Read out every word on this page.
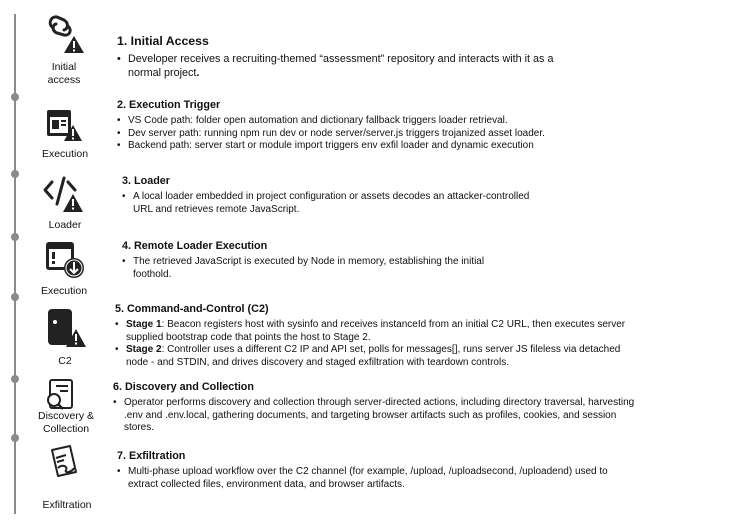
Initial
access
1. Initial Access
• Developer receives a recruiting-themed “assessment” repository and interacts with it as a
normal project.
Execution
2. Execution Trigger
• VS Code path: folder open automation and dictionary fallback triggers loader retrieval.
• Dev server path: running npm run dev or node server/server.js triggers trojanized asset loader.
• Backend path: server start or module import triggers env exfil loader and dynamic execution
Loader
3. Loader
• A local loader embedded in project configuration or assets decodes an attacker-controlled
URL and retrieves remote JavaScript.
Execution
4. Remote Loader Execution
• The retrieved JavaScript is executed by Node in memory, establishing the initial
foothold.
C2
5. Command-and-Control (C2)
• Stage 1: Beacon registers host with sysinfo and receives instanceId from an initial C2 URL, then executes server
supplied bootstrap code that points the host to Stage 2.
• Stage 2: Controller uses a different C2 IP and API set, polls for messages[], runs server JS fileless via detached
node - and STDIN, and drives discovery and staged exfiltration with teardown controls.
Discovery &
Collection
6. Discovery and Collection
• Operator performs discovery and collection through server-directed actions, including directory traversal, harvesting
.env and .env.local, gathering documents, and targeting browser artifacts such as profiles, cookies, and session
stores.
Exfiltration
7. Exfiltration
• Multi-phase upload workflow over the C2 channel (for example, /upload, /uploadsecond, /uploadend) used to
extract collected files, environment data, and browser artifacts.
